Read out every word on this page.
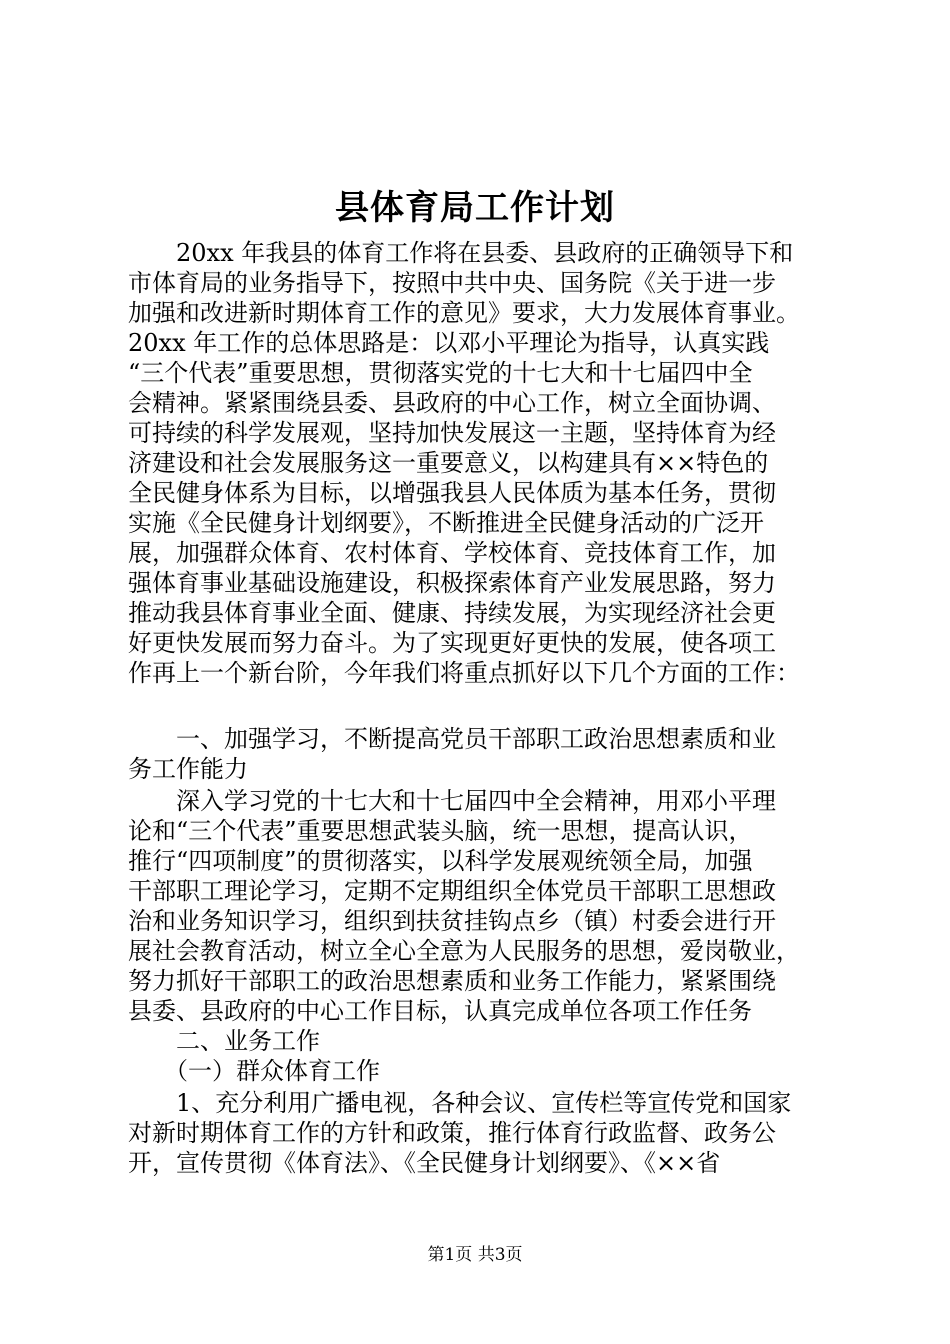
县体育局工作计划
　　20xx 年我县的体育工作将在县委、县政府的正确领导下和
市体育局的业务指导下，按照中共中央、国务院《关于进一步
加强和改进新时期体育工作的意见》要求，大力发展体育事业。
20xx 年工作的总体思路是：以邓小平理论为指导，认真实践
“三个代表”重要思想，贯彻落实党的十七大和十七届四中全
会精神。紧紧围绕县委、县政府的中心工作，树立全面协调、
可持续的科学发展观，坚持加快发展这一主题，坚持体育为经
济建设和社会发展服务这一重要意义，以构建具有××特色的
全民健身体系为目标，以增强我县人民体质为基本任务，贯彻
实施《全民健身计划纲要》，不断推进全民健身活动的广泛开
展，加强群众体育、农村体育、学校体育、竞技体育工作，加
强体育事业基础设施建设，积极探索体育产业发展思路，努力
推动我县体育事业全面、健康、持续发展，为实现经济社会更
好更快发展而努力奋斗。为了实现更好更快的发展，使各项工
作再上一个新台阶，今年我们将重点抓好以下几个方面的工作：
　　一、加强学习，不断提高党员干部职工政治思想素质和业
务工作能力
　　深入学习党的十七大和十七届四中全会精神，用邓小平理
论和“三个代表”重要思想武装头脑，统一思想，提高认识，
推行“四项制度”的贯彻落实，以科学发展观统领全局，加强
干部职工理论学习，定期不定期组织全体党员干部职工思想政
治和业务知识学习，组织到扶贫挂钩点乡（镇）村委会进行开
展社会教育活动，树立全心全意为人民服务的思想，爱岗敬业，
努力抓好干部职工的政治思想素质和业务工作能力，紧紧围绕
县委、县政府的中心工作目标，认真完成单位各项工作任务
　　二、业务工作
　　（一）群众体育工作
　　1、充分利用广播电视，各种会议、宣传栏等宣传党和国家
对新时期体育工作的方针和政策，推行体育行政监督、政务公
开，宣传贯彻《体育法》、《全民健身计划纲要》、《××省
第1页 共3页
